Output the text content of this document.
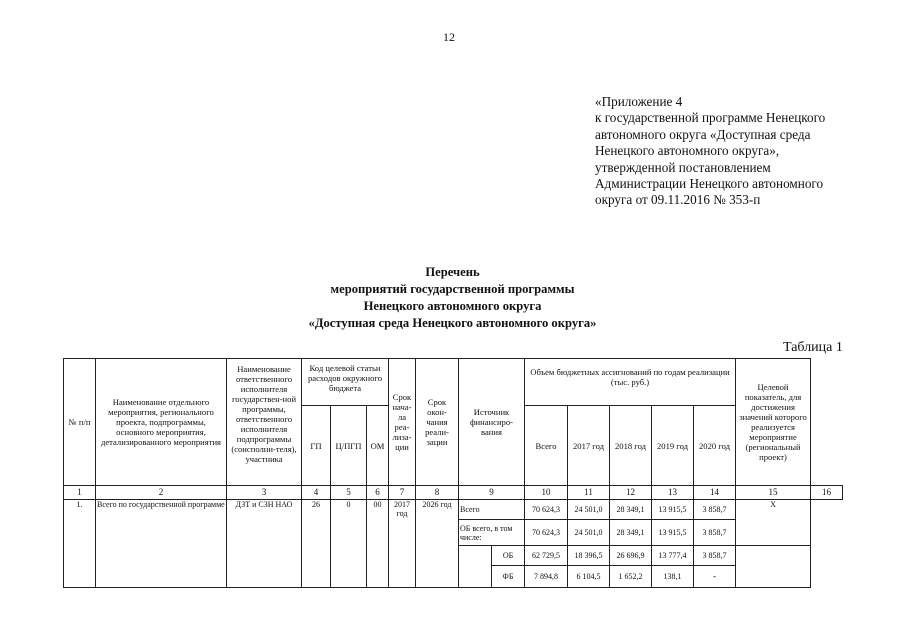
12
«Приложение 4
к государственной программе Ненецкого
автономного округа «Доступная среда
Ненецкого автономного округа»,
утвержденной постановлением
Администрации Ненецкого автономного
округа от 09.11.2016 № 353-п
Перечень
мероприятий государственной программы
Ненецкого автономного округа
«Доступная среда Ненецкого автономного округа»
Таблица 1
№ п/п	Наименование отдельного мероприятия, регионального проекта, подпрограммы, основного мероприятия, детализированного мероприятия	Наименование ответственного исполнителя государствен-ной программы, ответственного исполнителя подпрограммы (соисполни-теля), участника	Код целевой статьи расходов окружного бюджета			Срок нача-ла реа-лиза-ции	Срок окон-чания реали-зации	Источник финансиро-вания		Объем бюджетных ассигнований по годам реализации (тыс. руб.)					Целевой показатель, для достижения значений которого реализуется мероприятие (региональный проект)	
			ГП	Ц/ПГП	ОМ					Всего	2017 год	2018 год	2019 год	2020 год		
1	2	3	4	5	6	7	8	9		10	11	12	13	14	15	16
1.	Всего по государственной программе	ДЗТ и СЗН НАО	26	0	00	2017 год	2026 год	Всего		70 624,3	24 501,0	28 349,1	13 915,5	3 858,7	Х	
								ОБ всего, в том числе:		70 624,3	24 501,0	28 349,1	13 915,5	3 858,7		
									ОБ	62 729,5	18 396,5	26 696,9	13 777,4	3 858,7		
									ФБ	7 894,8	6 104,5	1 652,2	138,1	-		
